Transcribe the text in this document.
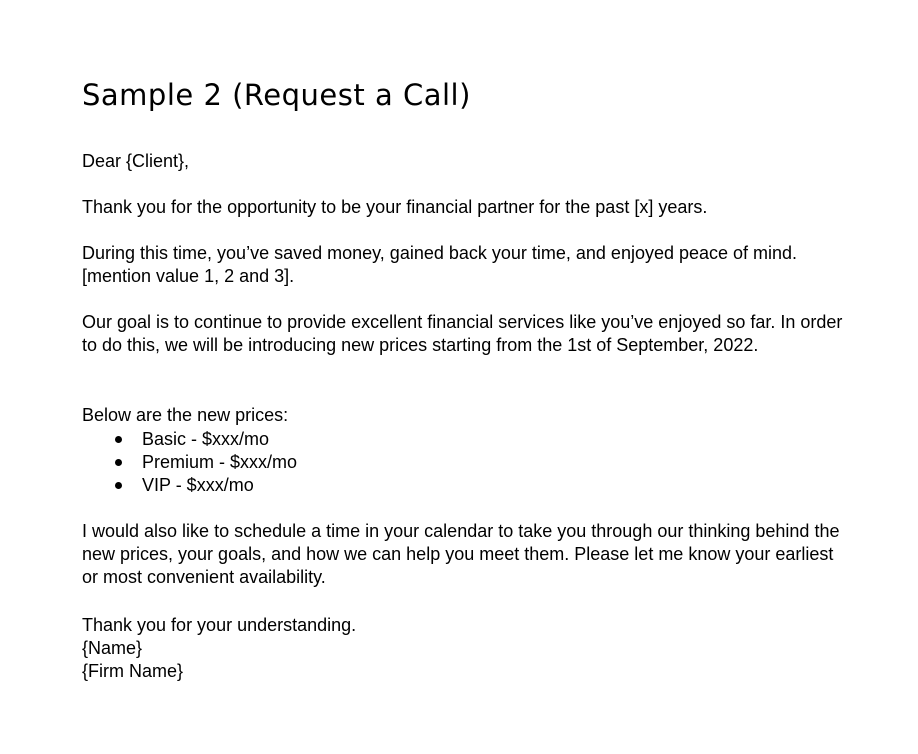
Sample 2 (Request a Call)

Dear {Client},

Thank you for the opportunity to be your financial partner for the past [x] years.

During this time, you’ve saved money, gained back your time, and enjoyed peace of mind. [mention value 1, 2 and 3].

Our goal is to continue to provide excellent financial services like you’ve enjoyed so far. In order to do this, we will be introducing new prices starting from the 1st of September, 2022.

Below are the new prices:

Basic - $xxx/mo
Premium - $xxx/mo
VIP - $xxx/mo

I would also like to schedule a time in your calendar to take you through our thinking behind the new prices, your goals, and how we can help you meet them. Please let me know your earliest or most convenient availability.

Thank you for your understanding.

{Name}

{Firm Name}
